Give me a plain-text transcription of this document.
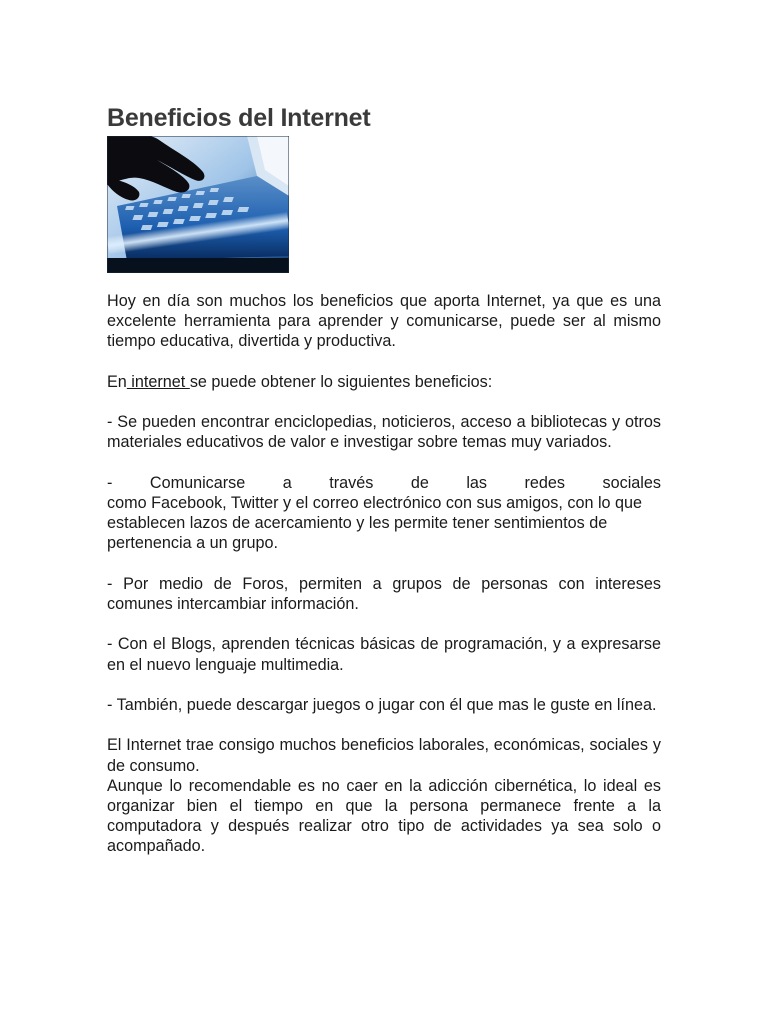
Beneficios del Internet

Hoy en día son muchos los beneficios que aporta Internet, ya que es una excelente herramienta para aprender y comunicarse, puede ser al mismo tiempo educativa, divertida y productiva.

En internet se puede obtener lo siguientes beneficios:

- Se pueden encontrar enciclopedias, noticieros, acceso a bibliotecas y otros materiales educativos de valor e investigar sobre temas muy variados.

- Comunicarse a través de las redes sociales
como Facebook, Twitter y el correo electrónico con sus amigos, con lo que establecen lazos de acercamiento y les permite tener sentimientos de pertenencia a un grupo.

- Por medio de Foros, permiten a grupos de personas con intereses comunes intercambiar información.

- Con el Blogs, aprenden técnicas básicas de programación, y a expresarse en el nuevo lenguaje multimedia.

- También, puede descargar juegos o jugar con él que mas le guste en línea.

El Internet trae consigo muchos beneficios laborales, económicas, sociales y de consumo.

Aunque lo recomendable es no caer en la adicción cibernética, lo ideal es organizar bien el tiempo en que la persona permanece frente a la computadora y después realizar otro tipo de actividades ya sea solo o acompañado.
